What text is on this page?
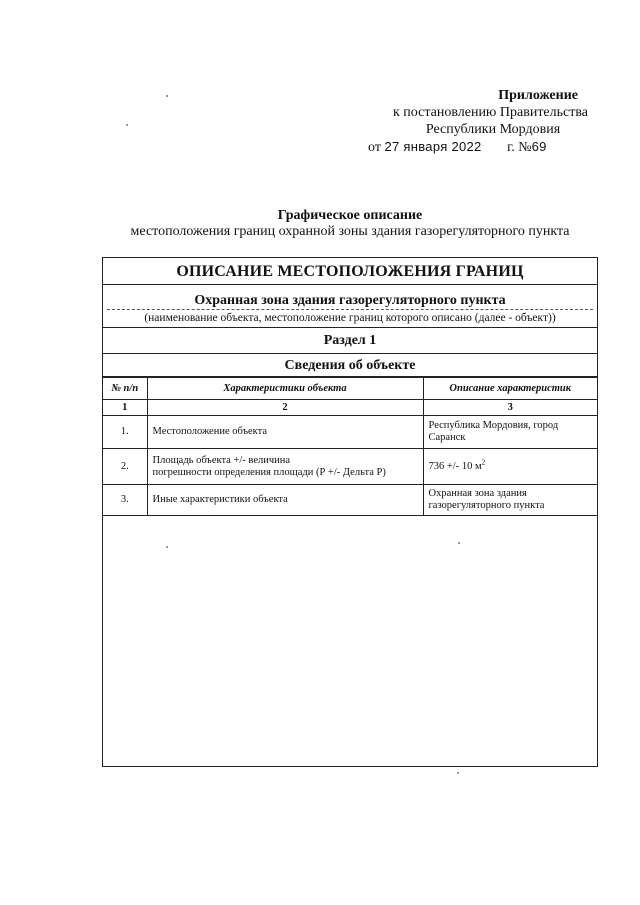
Приложение
к постановлению Правительства
Республики Мордовия
от 27 января 2022 г. №69
Графическое описание
местоположения границ охранной зоны здания газорегуляторного пункта
ОПИСАНИЕ МЕСТОПОЛОЖЕНИЯ ГРАНИЦ
Охранная зона здания газорегуляторного пункта
(наименование объекта, местоположение границ которого описано (далее - объект))
Раздел 1
Сведения об объекте
№ п/п	Характеристики объекта	Описание характеристик
1	2	3
1.	Местоположение объекта	Республика Мордовия, город Саранск
2.	Площадь объекта +/- величина
погрешности определения площади (Р +/- Дельта Р)	736 +/- 10 $м^2$
3.	Иные характеристики объекта	Охранная зона здания газорегуляторного пункта
